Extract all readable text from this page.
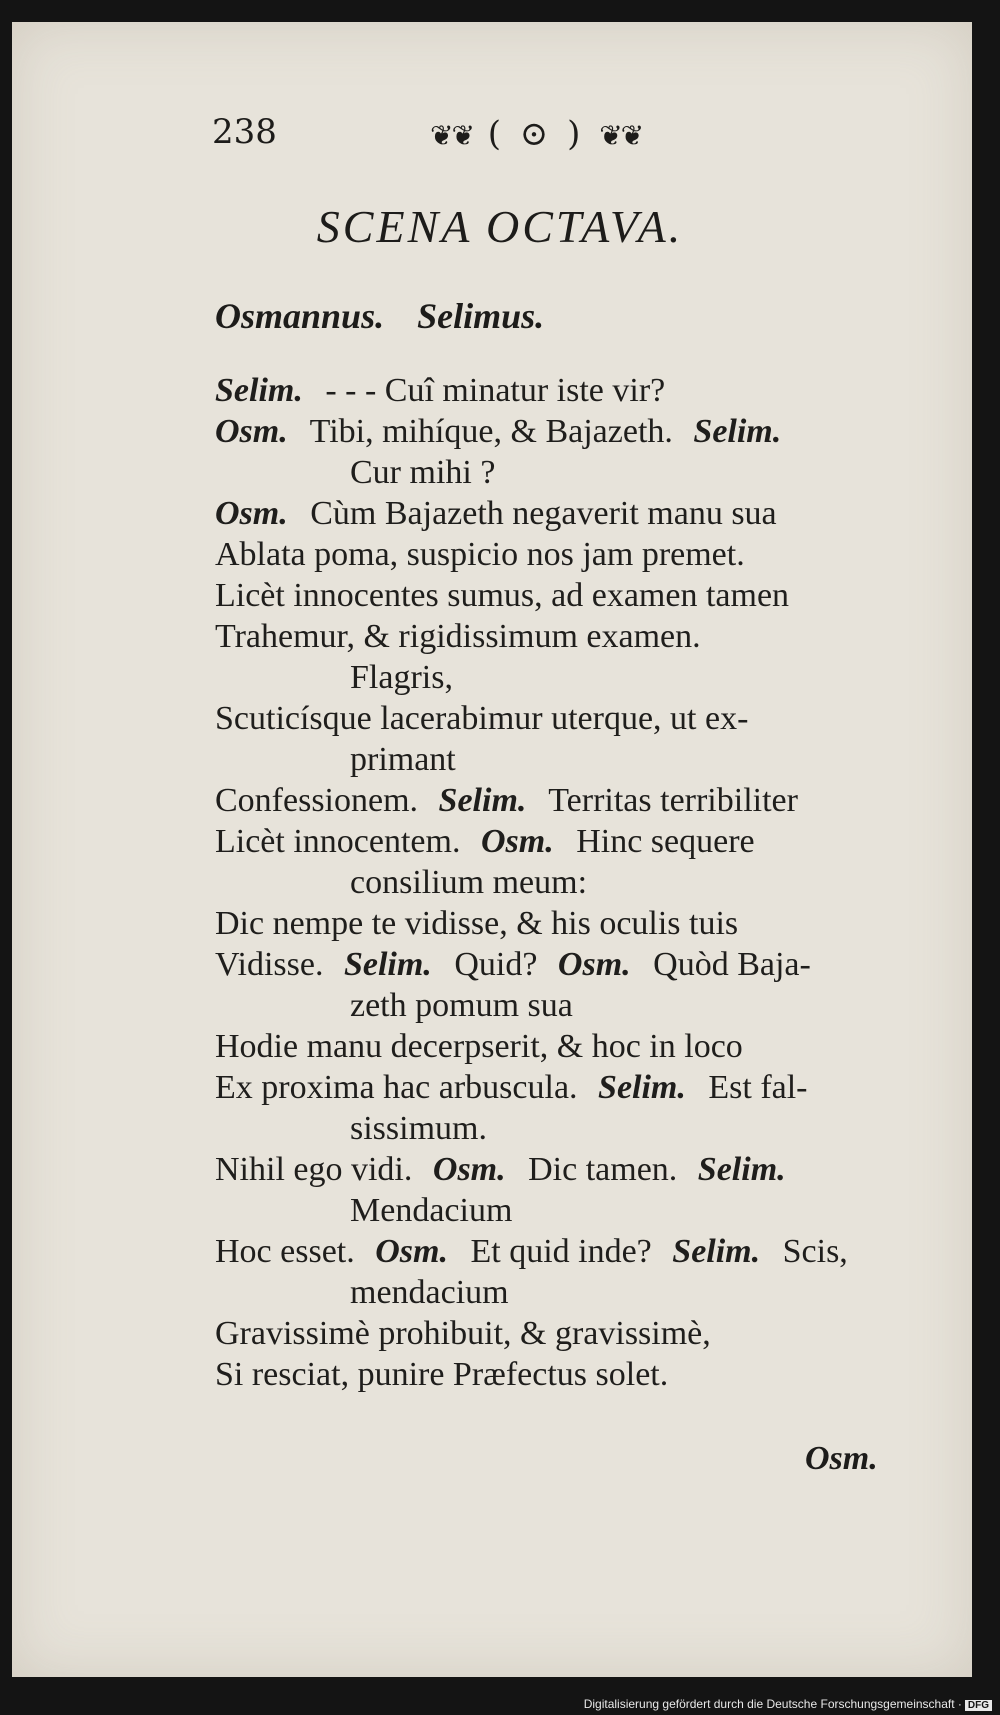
238	❦❦ ( ⊙ ) ❦❦
SCENA OCTAVA.
Osmannus. Selimus.
Selim. - - - Cuî minatur iste vir?
Osm. Tibi, mihíque, & Bajazeth. Selim.
Cur mihi ?
Osm. Cùm Bajazeth negaverit manu sua
Ablata poma, suspicio nos jam premet.
Licèt innocentes sumus, ad examen tamen
Trahemur, & rigidissimum examen.
Flagris,
Scuticísque lacerabimur uterque, ut ex-
primant
Confessionem. Selim. Territas terribiliter
Licèt innocentem. Osm. Hinc sequere
consilium meum:
Dic nempe te vidisse, & his oculis tuis
Vidisse. Selim. Quid? Osm. Quòd Baja-
zeth pomum sua
Hodie manu decerpserit, & hoc in loco
Ex proxima hac arbuscula. Selim. Est fal-
sissimum.
Nihil ego vidi. Osm. Dic tamen. Selim.
Mendacium
Hoc esset. Osm. Et quid inde? Selim. Scis,
mendacium
Gravissimè prohibuit, & gravissimè,
Si resciat, punire Præfectus solet.
Osm.
Digitalisierung gefördert durch die Deutsche Forschungsgemeinschaft · DFG
